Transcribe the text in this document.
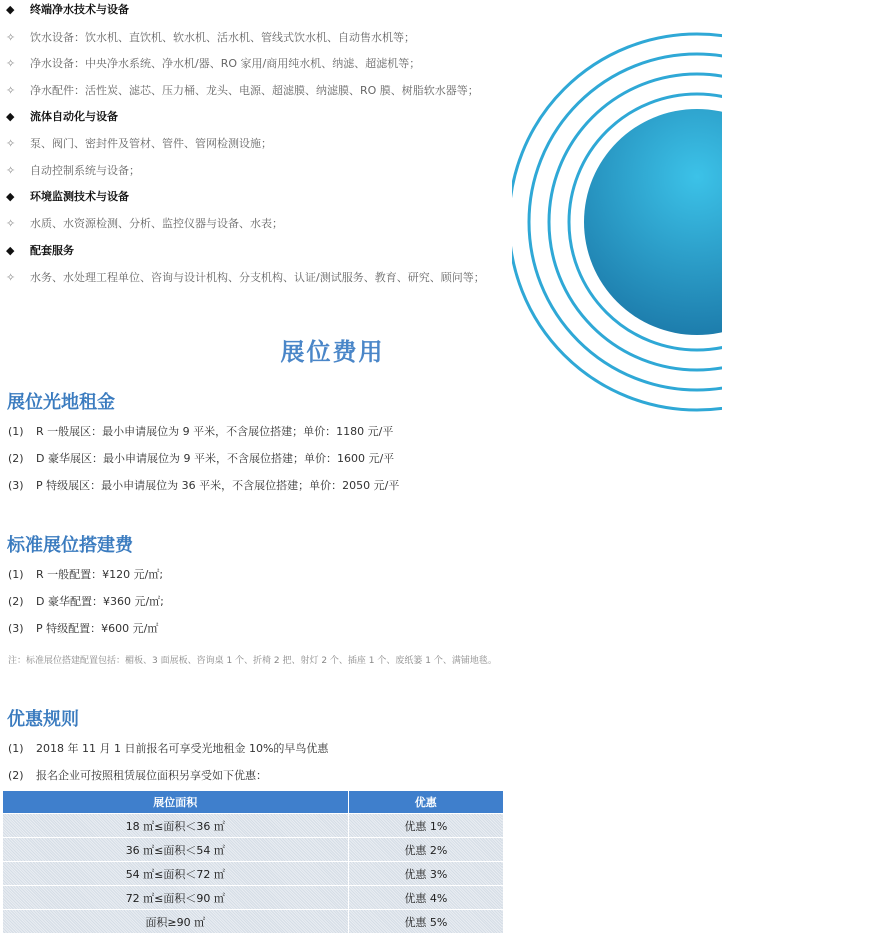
◆ 终端净水技术与设备
✧ 饮水设备：饮水机、直饮机、软水机、活水机、管线式饮水机、自动售水机等；
✧ 净水设备：中央净水系统、净水机/器、RO 家用/商用纯水机、纳滤、超滤机等；
✧ 净水配件：活性炭、滤芯、压力桶、龙头、电源、超滤膜、纳滤膜、RO 膜、树脂软水器等；
◆ 流体自动化与设备
✧ 泵、阀门、密封件及管材、管件、管网检测设施；
✧ 自动控制系统与设备；
◆ 环境监测技术与设备
✧ 水质、水资源检测、分析、监控仪器与设备、水表；
◆ 配套服务
✧ 水务、水处理工程单位、咨询与设计机构、分支机构、认证/测试服务、教育、研究、顾问等；
展位费用
展位光地租金
(1) R 一般展区：最小申请展位为 9 平米，不含展位搭建；单价：1180 元/平
(2) D 豪华展区：最小申请展位为 9 平米，不含展位搭建；单价：1600 元/平
(3) P 特级展区：最小申请展位为 36 平米，不含展位搭建；单价：2050 元/平
标准展位搭建费
(1) R 一般配置：¥120 元/㎡;
(2) D 豪华配置：¥360 元/㎡;
(3) P 特级配置：¥600 元/㎡
注：标准展位搭建配置包括：楣板、3 面展板、咨询桌 1 个、折椅 2 把、射灯 2 个、插座 1 个、废纸篓 1 个、满铺地毯。
优惠规则
(1) 2018 年 11 月 1 日前报名可享受光地租金 10%的早鸟优惠
(2) 报名企业可按照租赁展位面积另享受如下优惠：
展位面积	优惠
18 ㎡≤面积＜36 ㎡	优惠 1%
36 ㎡≤面积＜54 ㎡	优惠 2%
54 ㎡≤面积＜72 ㎡	优惠 3%
72 ㎡≤面积＜90 ㎡	优惠 4%
面积≥90 ㎡	优惠 5%
